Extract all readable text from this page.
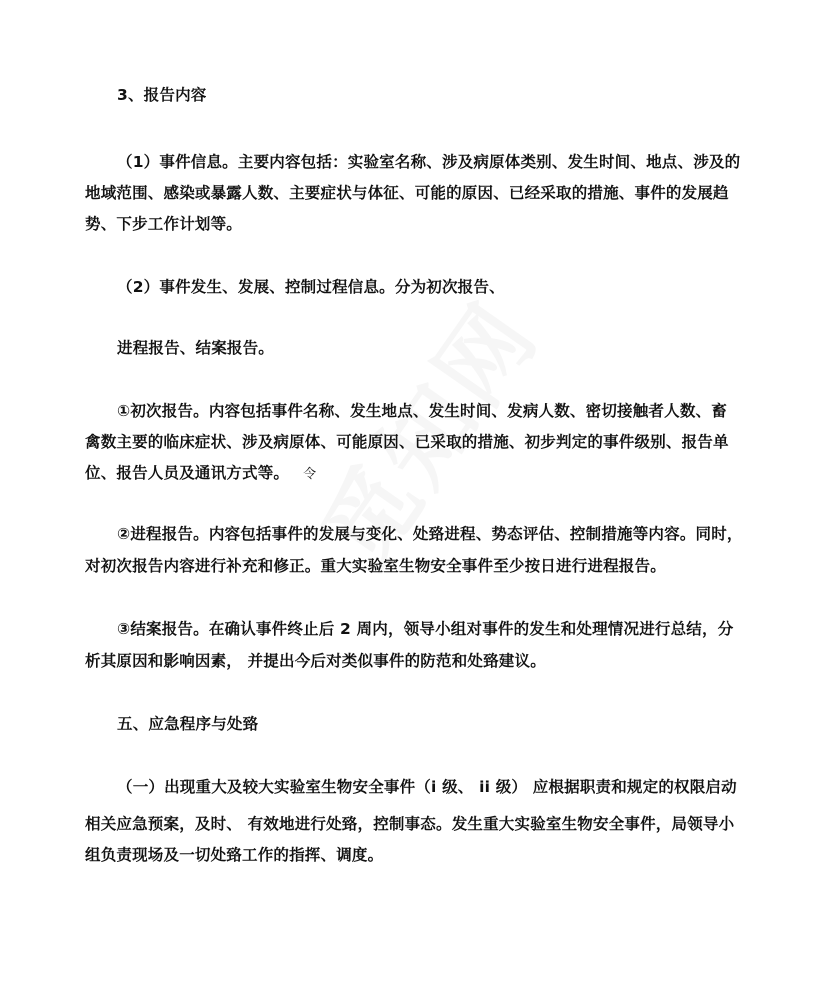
3、报告内容
（1）事件信息。主要内容包括：实验室名称、涉及病原体类别、发生时间、地点、涉及的
地域范围、感染或暴露人数、主要症状与体征、可能的原因、已经采取的措施、事件的发展趋
势、下步工作计划等。
（2）事件发生、发展、控制过程信息。分为初次报告、
进程报告、结案报告。
①初次报告。内容包括事件名称、发生地点、发生时间、发病人数、密切接触者人数、畜
禽数主要的临床症状、涉及病原体、可能原因、已采取的措施、初步判定的事件级别、报告单
位、报告人员及通讯方式等。 令
②进程报告。内容包括事件的发展与变化、处臵进程、势态评估、控制措施等内容。同时，
对初次报告内容进行补充和修正。重大实验室生物安全事件至少按日进行进程报告。
③结案报告。在确认事件终止后 2 周内，领导小组对事件的发生和处理情况进行总结，分
析其原因和影响因素， 并提出今后对类似事件的防范和处臵建议。
五、应急程序与处臵
（一）出现重大及较大实验室生物安全事件（i 级、 ii 级） 应根据职责和规定的权限启动
相关应急预案，及时、 有效地进行处臵，控制事态。发生重大实验室生物安全事件，局领导小
组负责现场及一切处臵工作的指挥、调度。
